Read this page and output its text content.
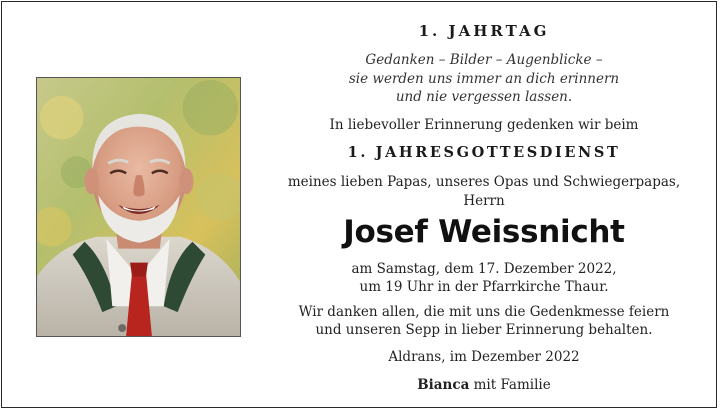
1. JAHRTAG
Gedanken – Bilder – Augenblicke –
sie werden uns immer an dich erinnern
und nie vergessen lassen.
In liebevoller Erinnerung gedenken wir beim
1. JAHRESGOTTESDIENST
meines lieben Papas, unseres Opas und Schwiegerpapas,
Herrn
Josef Weissnicht
am Samstag, dem 17. Dezember 2022,
um 19 Uhr in der Pfarrkirche Thaur.
Wir danken allen, die mit uns die Gedenkmesse feiern
und unseren Sepp in lieber Erinnerung behalten.
Aldrans, im Dezember 2022
Bianca mit Familie
